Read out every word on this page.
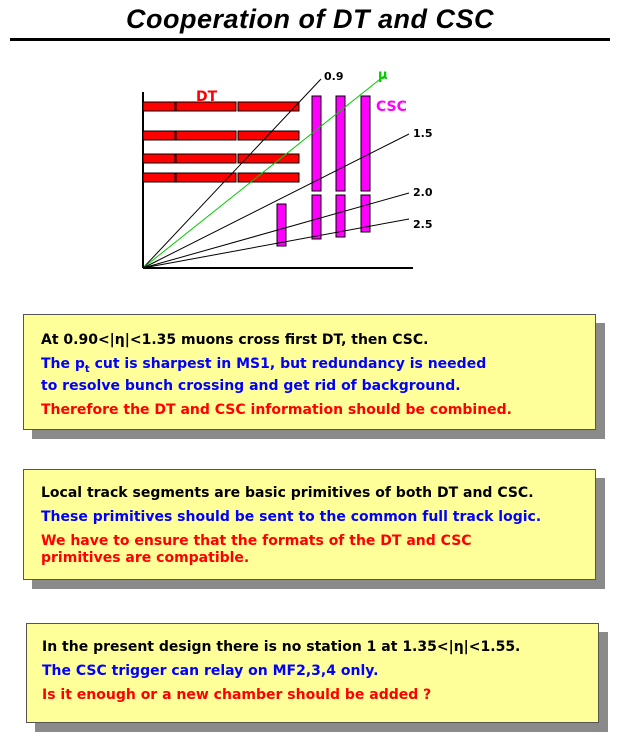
Cooperation of DT and CSC
DT
CSC
0.9	μ
1.5
2.0
2.5

At 0.90<|η|<1.35 muons cross first DT, then CSC.

The $p_t$ cut is sharpest in MS1, but redundancy is needed

to resolve bunch crossing and get rid of background.

Therefore the DT and CSC information should be combined.

Local track segments are basic primitives of both DT and CSC.

These primitives should be sent to the common full track logic.

We have to ensure that the formats of the DT and CSC

primitives are compatible.

In the present design there is no station 1 at 1.35<|η|<1.55.

The CSC trigger can relay on MF2,3,4 only.

Is it enough or a new chamber should be added ?
